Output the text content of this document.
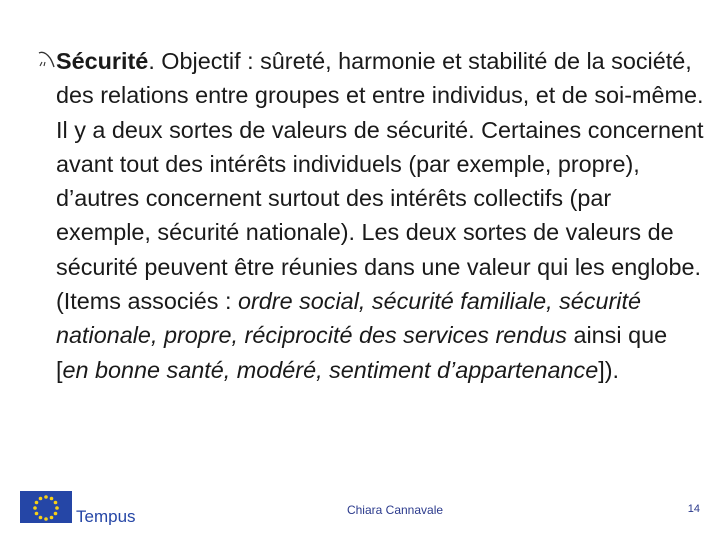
Sécurité. Objectif : sûreté, harmonie et stabilité de la société, des relations entre groupes et entre individus, et de soi-même. Il y a deux sortes de valeurs de sécurité. Certaines concernent avant tout des intérêts individuels (par exemple, propre), d’autres concernent surtout des intérêts collectifs (par exemple, sécurité nationale). Les deux sortes de valeurs de sécurité peuvent être réunies dans une valeur qui les englobe. (Items associés : ordre social, sécurité familiale, sécurité nationale, propre, réciprocité des services rendus ainsi que [en bonne santé, modéré, sentiment d’appartenance]).
Tempus	Chiara Cannavale	14
